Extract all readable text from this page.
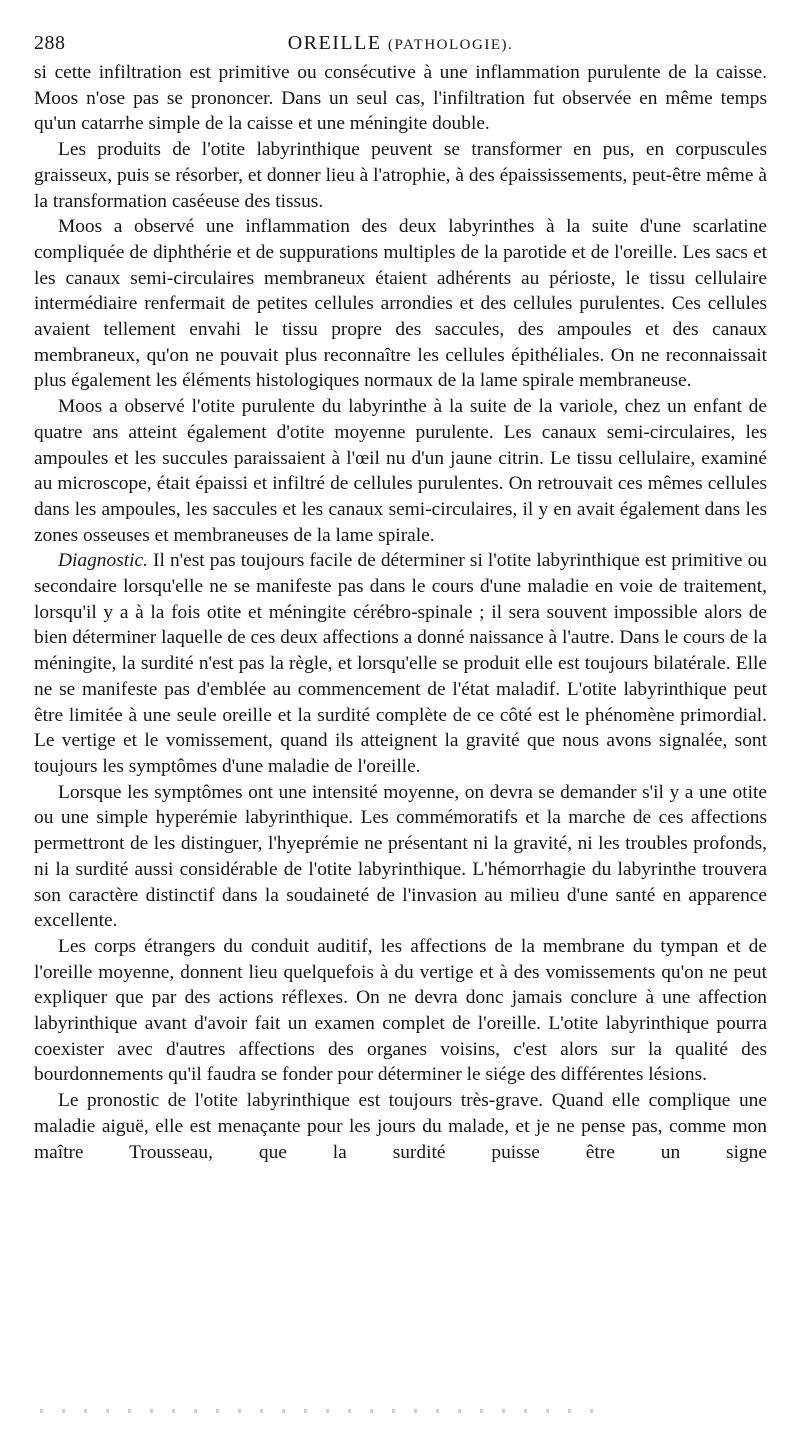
288	OREILLE (PATHOLOGIE).

si cette infiltration est primitive ou consécutive à une inflammation purulente de la caisse. Moos n'ose pas se prononcer. Dans un seul cas, l'infiltration fut observée en même temps qu'un catarrhe simple de la caisse et une méningite double.

Les produits de l'otite labyrinthique peuvent se transformer en pus, en corpuscules graisseux, puis se résorber, et donner lieu à l'atrophie, à des épaississements, peut-être même à la transformation caséeuse des tissus.

Moos a observé une inflammation des deux labyrinthes à la suite d'une scarlatine compliquée de diphthérie et de suppurations multiples de la parotide et de l'oreille. Les sacs et les canaux semi-circulaires membraneux étaient adhérents au périoste, le tissu cellulaire intermédiaire renfermait de petites cellules arrondies et des cellules purulentes. Ces cellules avaient tellement envahi le tissu propre des saccules, des ampoules et des canaux membraneux, qu'on ne pouvait plus reconnaître les cellules épithéliales. On ne reconnaissait plus également les éléments histologiques normaux de la lame spirale membraneuse.

Moos a observé l'otite purulente du labyrinthe à la suite de la variole, chez un enfant de quatre ans atteint également d'otite moyenne purulente. Les canaux semi-circulaires, les ampoules et les succules paraissaient à l'œil nu d'un jaune citrin. Le tissu cellulaire, examiné au microscope, était épaissi et infiltré de cellules purulentes. On retrouvait ces mêmes cellules dans les ampoules, les saccules et les canaux semi-circulaires, il y en avait également dans les zones osseuses et membraneuses de la lame spirale.

Diagnostic. Il n'est pas toujours facile de déterminer si l'otite labyrinthique est primitive ou secondaire lorsqu'elle ne se manifeste pas dans le cours d'une maladie en voie de traitement, lorsqu'il y a à la fois otite et méningite cérébro-spinale ; il sera souvent impossible alors de bien déterminer laquelle de ces deux affections a donné naissance à l'autre. Dans le cours de la méningite, la surdité n'est pas la règle, et lorsqu'elle se produit elle est toujours bilatérale. Elle ne se manifeste pas d'emblée au commencement de l'état maladif. L'otite labyrinthique peut être limitée à une seule oreille et la surdité complète de ce côté est le phénomène primordial. Le vertige et le vomissement, quand ils atteignent la gravité que nous avons signalée, sont toujours les symptômes d'une maladie de l'oreille.

Lorsque les symptômes ont une intensité moyenne, on devra se demander s'il y a une otite ou une simple hyperémie labyrinthique. Les commémoratifs et la marche de ces affections permettront de les distinguer, l'hyeprémie ne présentant ni la gravité, ni les troubles profonds, ni la surdité aussi considérable de l'otite labyrinthique. L'hémorrhagie du labyrinthe trouvera son caractère distinctif dans la soudaineté de l'invasion au milieu d'une santé en apparence excellente.

Les corps étrangers du conduit auditif, les affections de la membrane du tympan et de l'oreille moyenne, donnent lieu quelquefois à du vertige et à des vomissements qu'on ne peut expliquer que par des actions réflexes. On ne devra donc jamais conclure à une affection labyrinthique avant d'avoir fait un examen complet de l'oreille. L'otite labyrinthique pourra coexister avec d'autres affections des organes voisins, c'est alors sur la qualité des bourdonnements qu'il faudra se fonder pour déterminer le siége des différentes lésions.

Le pronostic de l'otite labyrinthique est toujours très-grave. Quand elle complique une maladie aiguë, elle est menaçante pour les jours du malade, et je ne pense pas, comme mon maître Trousseau, que la surdité puisse être un signe
